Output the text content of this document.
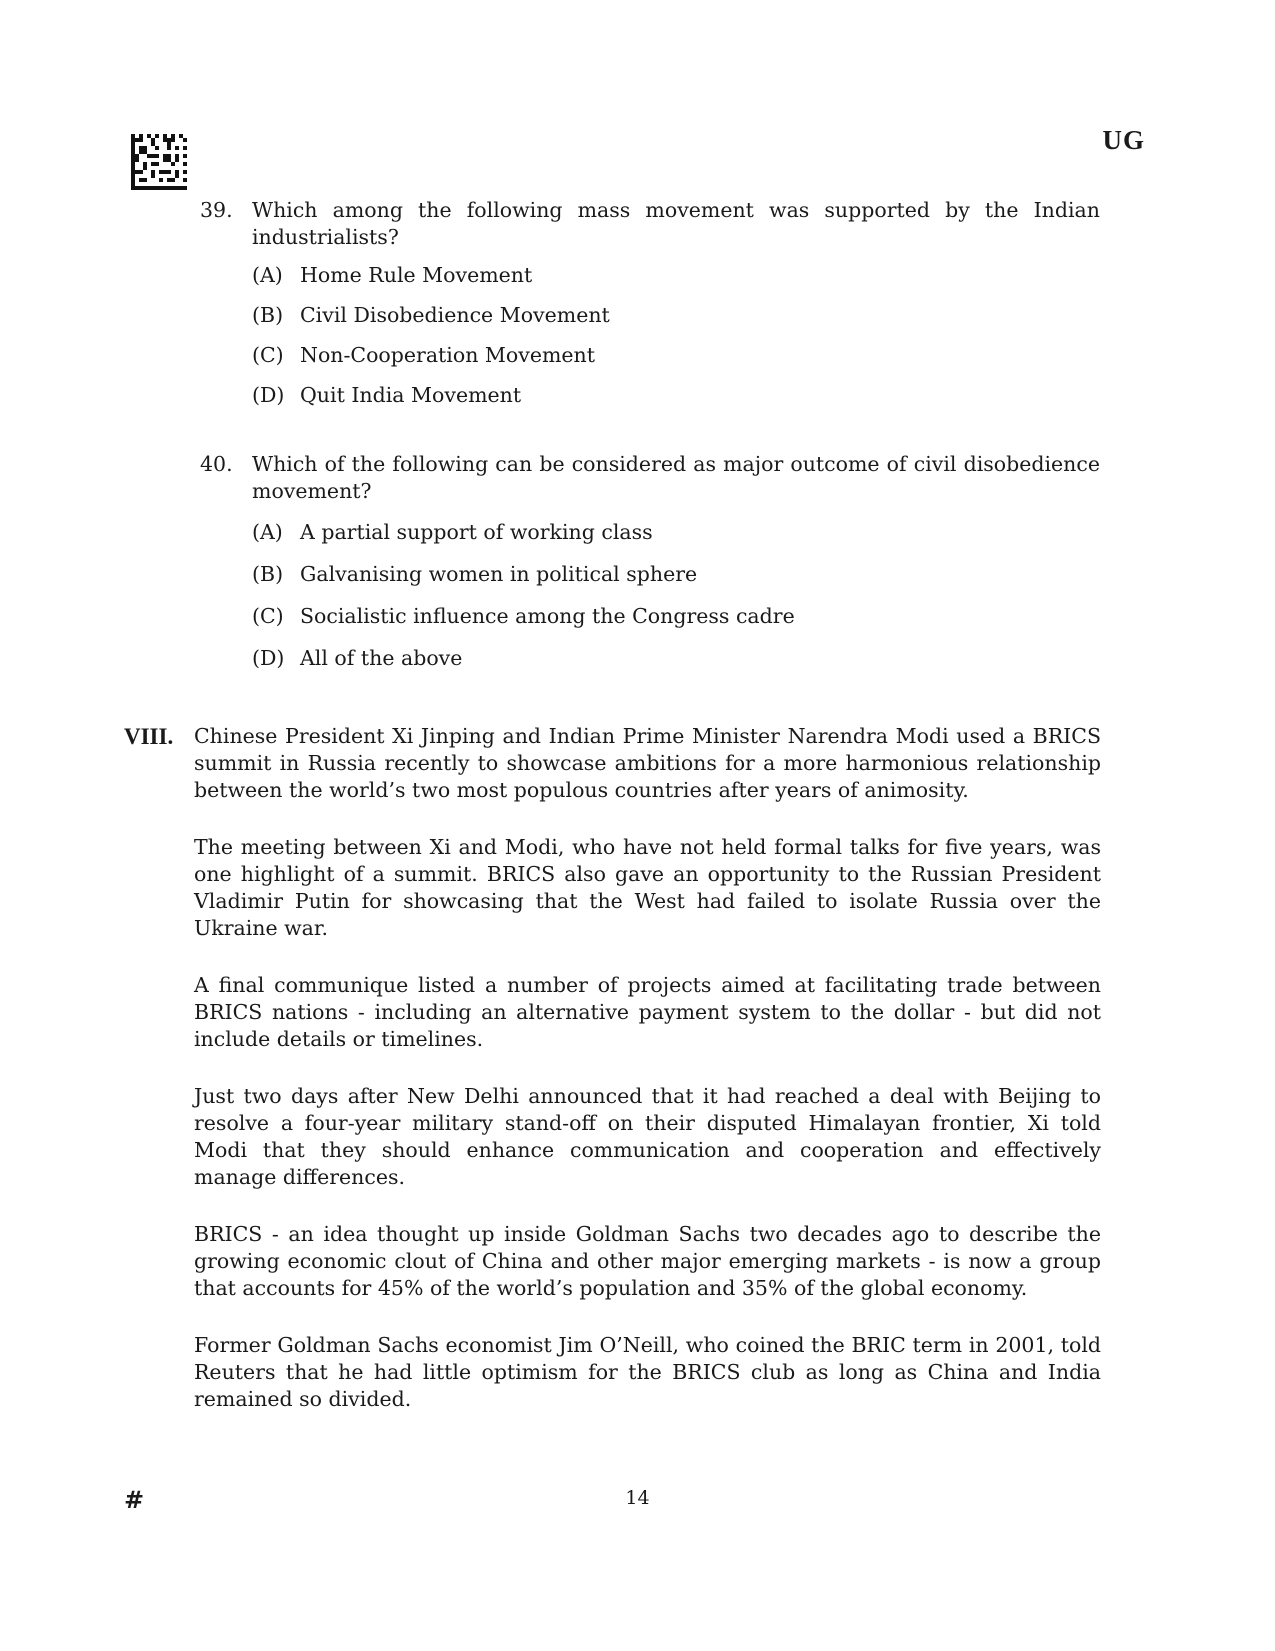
UG
39. Which among the following mass movement was supported by the Indian industrialists?
(A) Home Rule Movement
(B) Civil Disobedience Movement
(C) Non-Cooperation Movement
(D) Quit India Movement
40. Which of the following can be considered as major outcome of civil disobedience movement?
(A) A partial support of working class
(B) Galvanising women in political sphere
(C) Socialistic influence among the Congress cadre
(D) All of the above
VIII. Chinese President Xi Jinping and Indian Prime Minister Narendra Modi used a BRICS summit in Russia recently to showcase ambitions for a more harmonious relationship between the world’s two most populous countries after years of animosity.

The meeting between Xi and Modi, who have not held formal talks for five years, was one highlight of a summit. BRICS also gave an opportunity to the Russian President Vladimir Putin for showcasing that the West had failed to isolate Russia over the Ukraine war.

A final communique listed a number of projects aimed at facilitating trade between BRICS nations - including an alternative payment system to the dollar - but did not include details or timelines.

Just two days after New Delhi announced that it had reached a deal with Beijing to resolve a four-year military stand-off on their disputed Himalayan frontier, Xi told Modi that they should enhance communication and cooperation and effectively manage differences.

BRICS - an idea thought up inside Goldman Sachs two decades ago to describe the growing economic clout of China and other major emerging markets - is now a group that accounts for 45% of the world’s population and 35% of the global economy.

Former Goldman Sachs economist Jim O’Neill, who coined the BRIC term in 2001, told Reuters that he had little optimism for the BRICS club as long as China and India remained so divided.

#	14
